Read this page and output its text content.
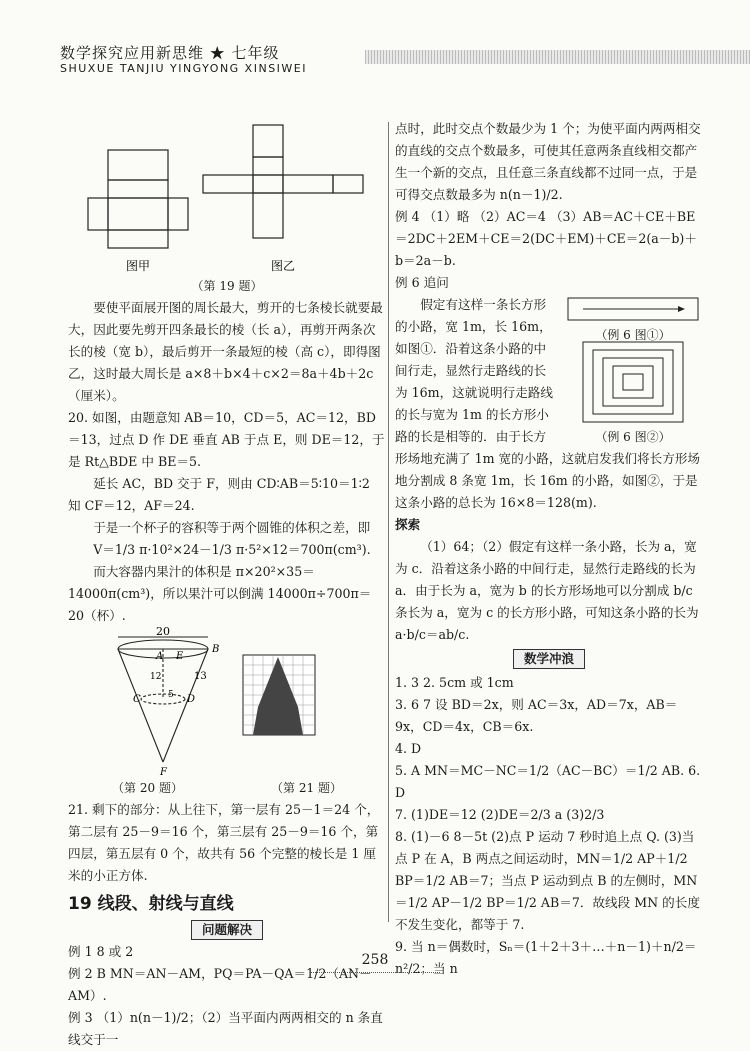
数学探究应用新思维 ★ 七年级
SHUXUE TANJIU YINGYONG XINSIWEI
图甲	图乙

（第 19 题）

要使平面展开图的周长最大，剪开的七条棱长就要最大，因此要先剪开四条最长的棱（长 a），再剪开两条次长的棱（宽 b），最后剪开一条最短的棱（高 c），即得图乙，这时最大周长是 a×8＋b×4＋c×2＝8a＋4b＋2c（厘米）。

20. 如图，由题意知 AB＝10，CD＝5，AC＝12，BD＝13，过点 D 作 DE 垂直 AB 于点 E，则 DE＝12，于是 Rt△BDE 中 BE＝5.

延长 AC，BD 交于 F，则由 CD∶AB＝5∶10＝1∶2 知 CF＝12，AF＝24.

于是一个杯子的容积等于两个圆锥的体积之差，即

V＝1/3 π·10²×24－1/3 π·5²×12＝700π(cm³).

而大容器内果汁的体积是 π×20²×35＝14000π(cm³)，所以果汁可以倒满 14000π÷700π＝20（杯）.

20
A E
B
13
5
12
C	D
F
（第 20 题）	（第 21 题）

21. 剩下的部分：从上往下，第一层有 25－1＝24 个，第二层有 25－9＝16 个，第三层有 25－9＝16 个，第四层，第五层有 0 个，故共有 56 个完整的棱长是 1 厘米的小正方体.

19 线段、射线与直线
问题解决

例 1 8 或 2

例 2 B MN＝AN－AM，PQ＝PA－QA＝1/2（AN－AM）.

例 3 （1）n(n－1)/2；（2）当平面内两两相交的 n 条直线交于一

点时，此时交点个数最少为 1 个；为使平面内两两相交的直线的交点个数最多，可使其任意两条直线相交都产生一个新的交点，且任意三条直线都不过同一点，于是可得交点数最多为 n(n－1)/2.

例 4 （1）略 （2）AC＝4 （3）AB＝AC＋CE＋BE＝2DC＋2EM＋CE＝2(DC＋EM)＋CE＝2(a－b)＋b＝2a－b.

例 6 追问

（例 6 图①）

（例 6 图②）

假定有这样一条长方形的小路，宽 1m，长 16m，如图①．沿着这条小路的中间行走，显然行走路线的长为 16m，这就说明行走路线的长与宽为 1m 的长方形小路的长是相等的．由于长方形场地充满了 1m 宽的小路，这就启发我们将长方形场地分割成 8 条宽 1m，长 16m 的小路，如图②，于是这条小路的总长为 16×8＝128(m).

探索

（1）64；（2）假定有这样一条小路，长为 a，宽为 c．沿着这条小路的中间行走，显然行走路线的长为 a．由于长为 a，宽为 b 的长方形场地可以分割成 b/c 条长为 a，宽为 c 的长方形小路，可知这条小路的长为 a·b/c＝ab/c.

数学冲浪

1. 3 2. 5cm 或 1cm

3. 6 7 设 BD＝2x，则 AC＝3x，AD＝7x，AB＝9x，CD＝4x，CB＝6x.

4. D

5. A MN＝MC－NC＝1/2（AC－BC）＝1/2 AB. 6. D

7. (1)DE＝12 (2)DE＝2/3 a (3)2/3

8. (1)－6 8－5t (2)点 P 运动 7 秒时追上点 Q. (3)当点 P 在 A，B 两点之间运动时，MN＝1/2 AP＋1/2 BP＝1/2 AB＝7；当点 P 运动到点 B 的左侧时，MN＝1/2 AP－1/2 BP＝1/2 AB＝7．故线段 MN 的长度不发生变化，都等于 7.

9. 当 n＝偶数时，Sₙ＝(1＋2＋3＋…＋n－1)＋n/2＝n²/2；当 n

258
